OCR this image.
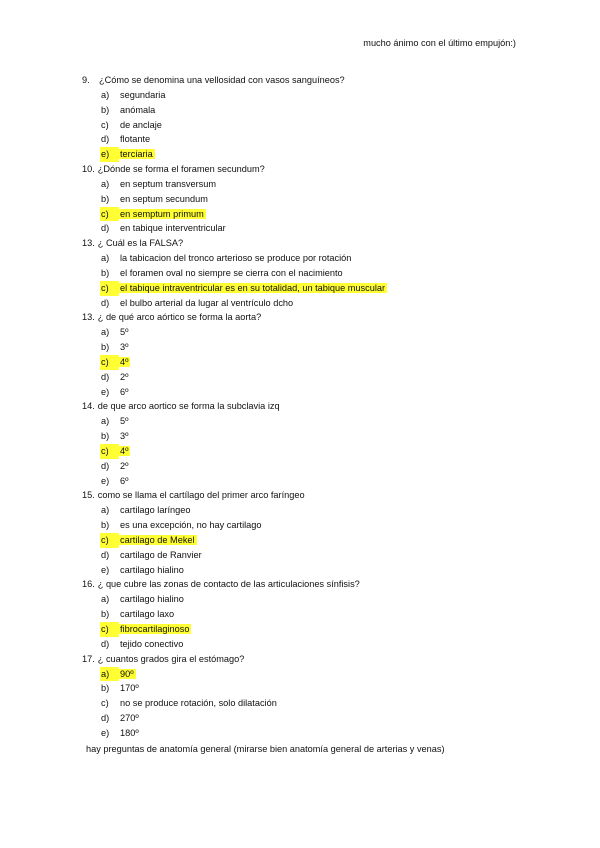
mucho ánimo con el último empujón:)
9. ¿Cómo se denomina una vellosidad con vasos sanguíneos?
a) segundaria
b) anómala
c) de anclaje
d) flotante
e) terciaria
10. ¿Dónde se forma el foramen secundum?
a) en septum transversum
b) en septum secundum
c) en semptum primum
d) en tabique interventricular
13. ¿ Cuál es la FALSA?
a) la tabicacion del tronco arterioso se produce por rotación
b) el foramen oval no siempre se cierra con el nacimiento
c) el tabique intraventricular es en su totalidad, un tabique muscular
d) el bulbo arterial da lugar al ventrículo dcho
13. ¿ de qué arco aórtico se forma la aorta?
a) 5º
b) 3º
c) 4º
d) 2º
e) 6º
14. de que arco aortico se forma la subclavia izq
a) 5º
b) 3º
c) 4º
d) 2º
e) 6º
15. como se llama el cartílago del primer arco faríngeo
a) cartilago laríngeo
b) es una excepción, no hay cartilago
c) cartilago de Mekel
d) cartilago de Ranvier
e) cartilago hialino
16. ¿ que cubre las zonas de contacto de las articulaciones sínfisis?
a) cartilago hialino
b) cartilago laxo
c) fibrocartilaginoso
d) tejido conectivo
17. ¿ cuantos grados gira el estómago?
a) 90º
b) 170º
c) no se produce rotación, solo dilatación
d) 270º
e) 180º
hay preguntas de anatomía general (mirarse bien anatomía general de arterias y venas)
